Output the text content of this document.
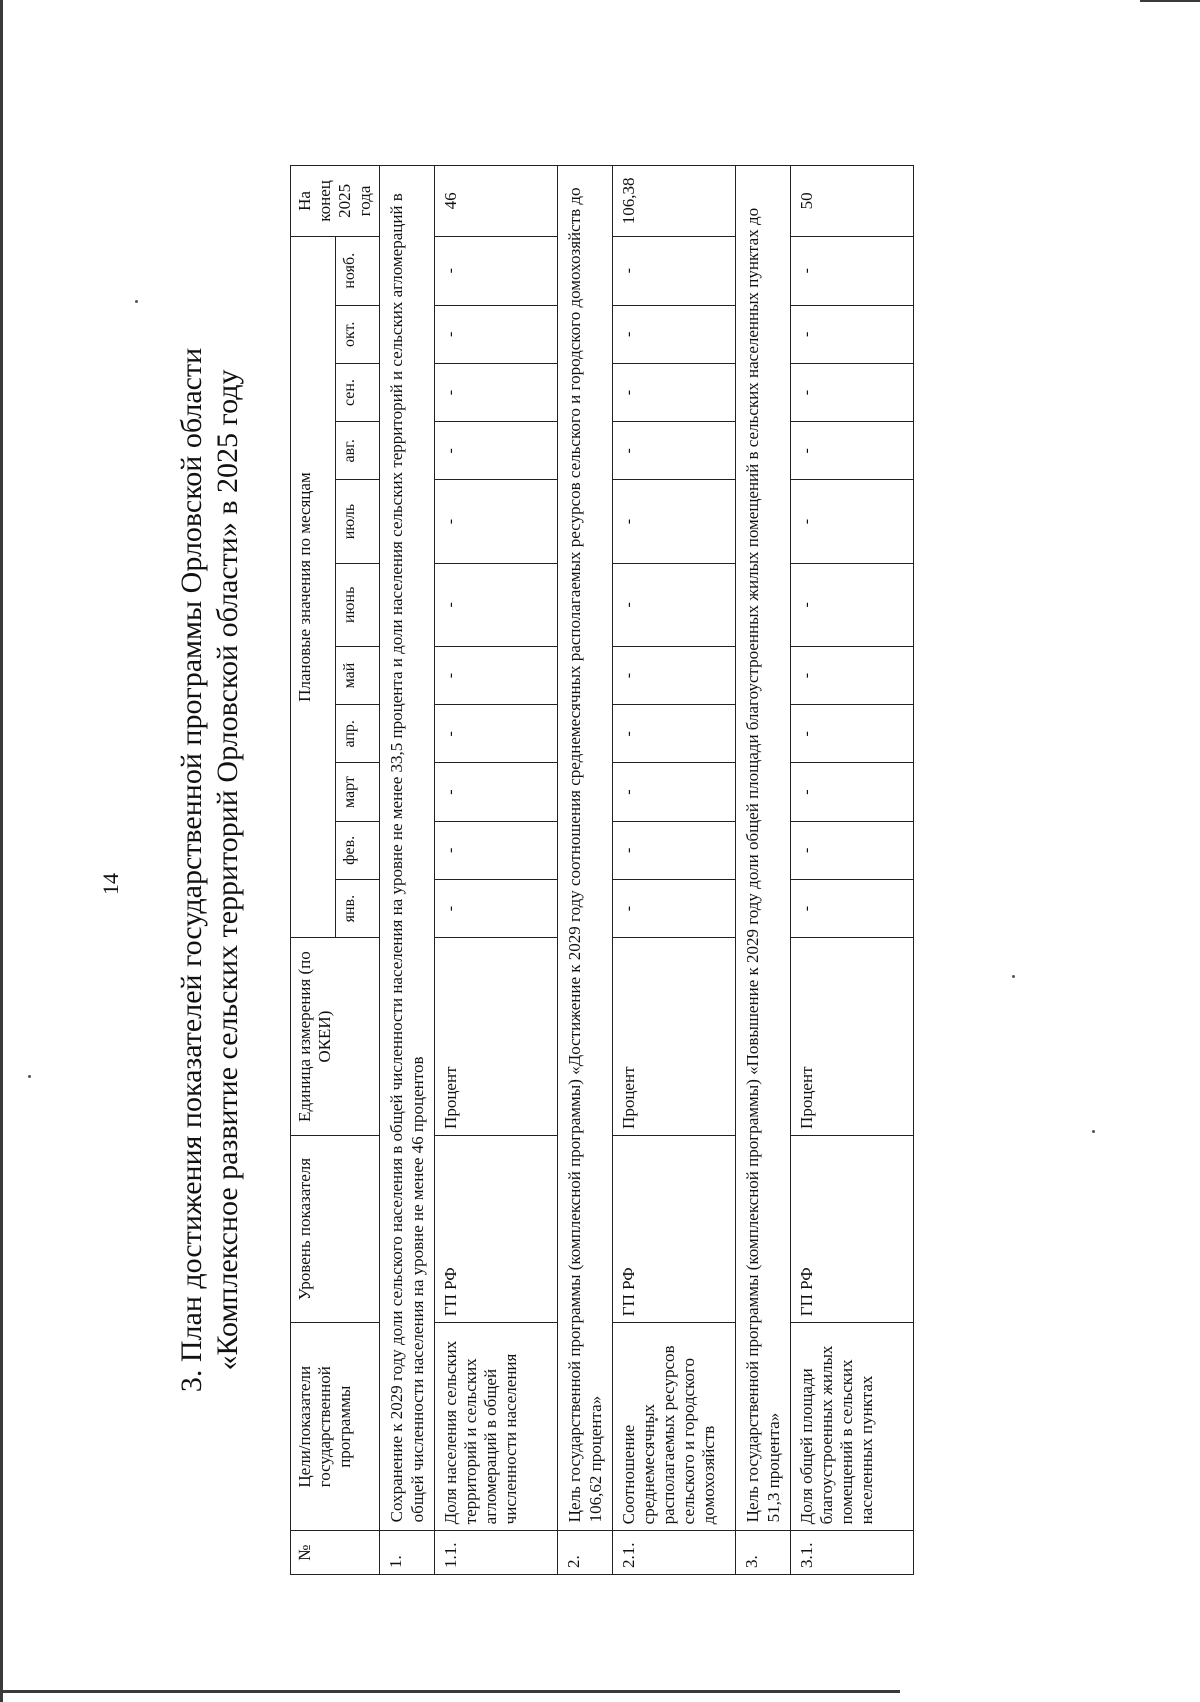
14 3. План достижения показателей государственной программы Орловской области «Комплексное развитие сельских территорий Орловской области» в 2025 году
№	Цели/показатели государственной программы	Уровень показателя	Единица измерения (по ОКЕИ)	Плановые значения по месяцам											На конец 2025 года
				янв.	фев.	март	апр.	май	июнь	июль	авг.	сен.	окт.	нояб.	
1.	Сохранение к 2029 году доли сельского населения в общей численности населения на уровне не менее 33,5 процента и доли населения сельских территорий и сельских агломераций в общей численности населения на уровне не менее 46 процентов														
1.1.	Доля населения сельских территорий и сельских агломераций в общей численности населения	ГП РФ	Процент	-	-	-	-	-	-	-	-	-	-	-	46
2.	Цель государственной программы (комплексной программы) «Достижение к 2029 году соотношения среднемесячных располагаемых ресурсов сельского и городского домохозяйств до 106,62 процента»														
2.1.	Соотношение среднемесячных располагаемых ресурсов сельского и городского домохозяйств	ГП РФ	Процент	-	-	-	-	-	-	-	-	-	-	-	106,38
3.	Цель государственной программы (комплексной программы) «Повышение к 2029 году доли общей площади благоустроенных жилых помещений в сельских населенных пунктах до 51,3 процента»														
3.1.	Доля общей площади благоустроенных жилых помещений в сельских населенных пунктах	ГП РФ	Процент	-	-	-	-	-	-	-	-	-	-	-	50
